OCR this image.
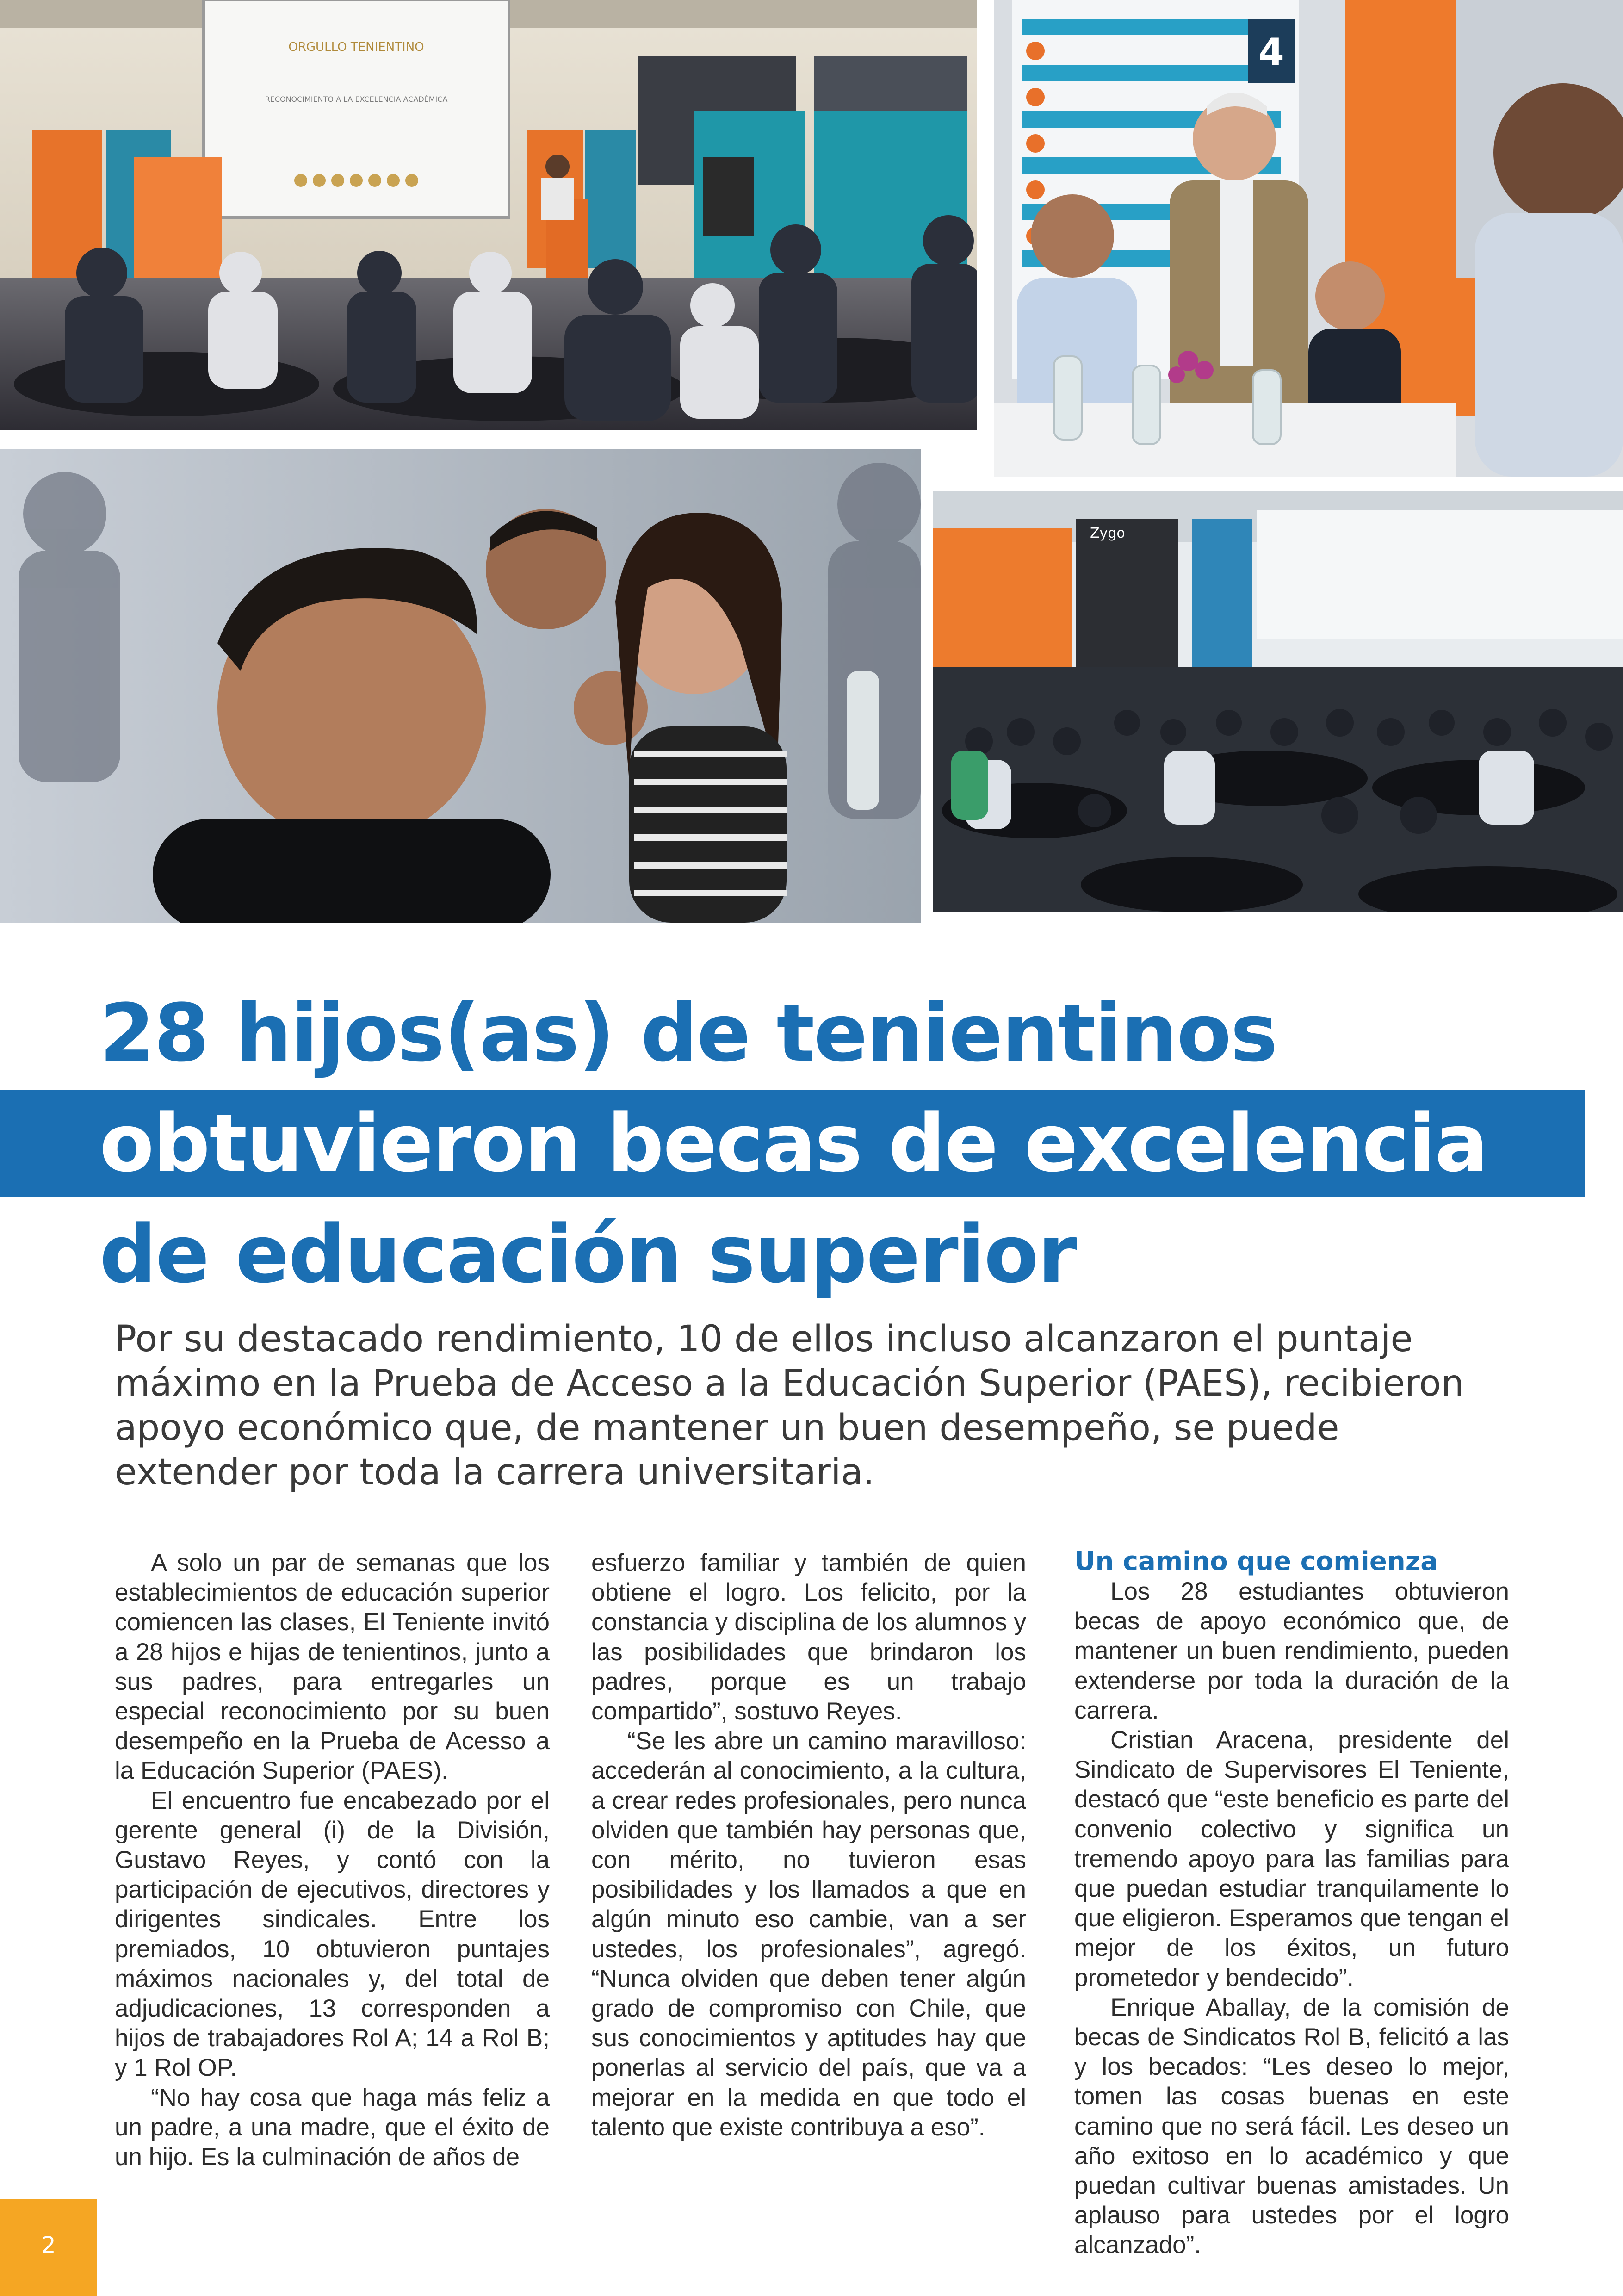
ORGULLO TENIENTINO
RECONOCIMIENTO A LA EXCELENCIA ACADÉMICA
4
Zygo
28 hijos(as) de tenientinos
obtuvieron becas de excelencia
de educación superior

Por su destacado rendimiento, 10 de ellos incluso alcanzaron el puntaje máximo en la Prueba de Acceso a la Educación Superior (PAES), recibieron apoyo económico que, de mantener un buen desempeño, se puede extender por toda la carrera universitaria.

A solo un par de semanas que los establecimientos de educación superior comiencen las clases, El Teniente invitó a 28 hijos e hijas de tenientinos, junto a sus padres, para entregarles un especial reconocimiento por su buen desempeño en la Prueba de Acesso a la Educación Superior (PAES).

El encuentro fue encabezado por el gerente general (i) de la División, Gustavo Reyes, y contó con la participación de ejecutivos, directores y dirigentes sindicales. Entre los premiados, 10 obtuvieron puntajes máximos nacionales y, del total de adjudicaciones, 13 corresponden a hijos de trabajadores Rol A; 14 a Rol B; y 1 Rol OP.

“No hay cosa que haga más feliz a un padre, a una madre, que el éxito de un hijo. Es la culminación de años de

esfuerzo familiar y también de quien obtiene el logro. Los felicito, por la constancia y disciplina de los alumnos y las posibilidades que brindaron los padres, porque es un trabajo compartido”, sostuvo Reyes.

“Se les abre un camino maravilloso: accederán al conocimiento, a la cultura, a crear redes profesionales, pero nunca olviden que también hay personas que, con mérito, no tuvieron esas posibilidades y los llamados a que en algún minuto eso cambie, van a ser ustedes, los profesionales”, agregó. “Nunca olviden que deben tener algún grado de compromiso con Chile, que sus conocimientos y aptitudes hay que ponerlas al servicio del país, que va a mejorar en la medida en que todo el talento que existe contribuya a eso”.

Un camino que comienza

Los 28 estudiantes obtuvieron becas de apoyo económico que, de mantener un buen rendimiento, pueden extenderse por toda la duración de la carrera.

Cristian Aracena, presidente del Sindicato de Supervisores El Teniente, destacó que “este beneficio es parte del convenio colectivo y significa un tremendo apoyo para las familias para que puedan estudiar tranquilamente lo que eligieron. Esperamos que tengan el mejor de los éxitos, un futuro prometedor y bendecido”.

Enrique Aballay, de la comisión de becas de Sindicatos Rol B, felicitó a las y los becados: “Les deseo lo mejor, tomen las cosas buenas en este camino que no será fácil. Les deseo un año exitoso en lo académico y que puedan cultivar buenas amistades. Un aplauso para ustedes por el logro alcanzado”.

2
